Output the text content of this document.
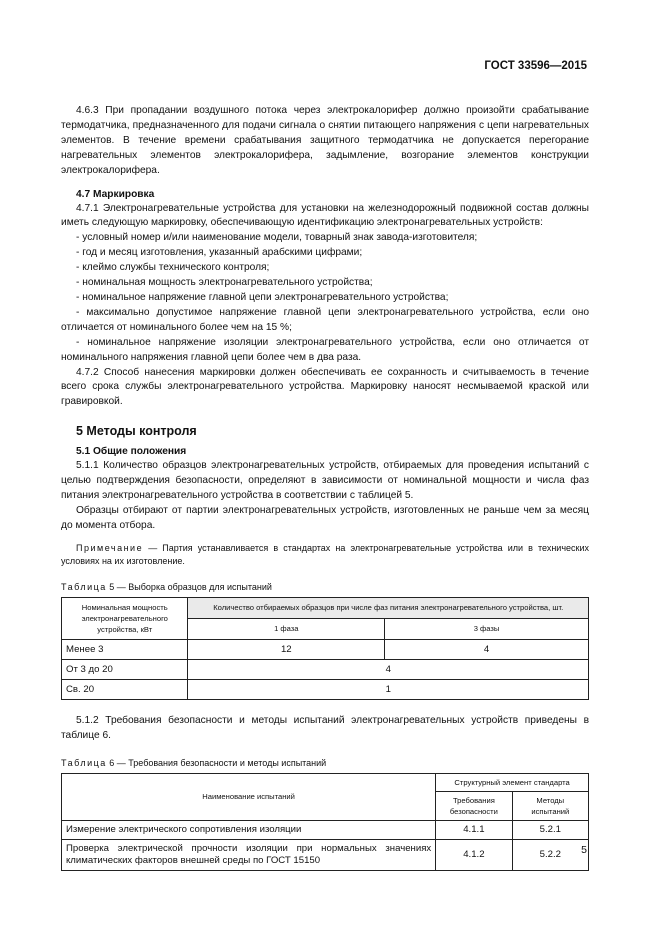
ГОСТ 33596—2015

4.6.3 При пропадании воздушного потока через электрокалорифер должно произойти срабатывание термодатчика, предназначенного для подачи сигнала о снятии питающего напряжения с цепи нагревательных элементов. В течение времени срабатывания защитного термодатчика не допускается перегорание нагревательных элементов электрокалорифера, задымление, возгорание элементов конструкции электрокалорифера.

4.7 Маркировка

4.7.1 Электронагревательные устройства для установки на железнодорожный подвижной состав должны иметь следующую маркировку, обеспечивающую идентификацию электронагревательных устройств:

- условный номер и/или наименование модели, товарный знак завода-изготовителя;

- год и месяц изготовления, указанный арабскими цифрами;

- клеймо службы технического контроля;

- номинальная мощность электронагревательного устройства;

- номинальное напряжение главной цепи электронагревательного устройства;

- максимально допустимое напряжение главной цепи электронагревательного устройства, если оно отличается от номинального более чем на 15 %;

- номинальное напряжение изоляции электронагревательного устройства, если оно отличается от номинального напряжения главной цепи более чем в два раза.

4.7.2 Способ нанесения маркировки должен обеспечивать ее сохранность и считываемость в течение всего срока службы электронагревательного устройства. Маркировку наносят несмываемой краской или гравировкой.

5 Методы контроля
5.1 Общие положения

5.1.1 Количество образцов электронагревательных устройств, отбираемых для проведения испытаний с целью подтверждения безопасности, определяют в зависимости от номинальной мощности и числа фаз питания электронагревательного устройства в соответствии с таблицей 5.

Образцы отбирают от партии электронагревательных устройств, изготовленных не раньше чем за месяц до момента отбора.

Примечание — Партия устанавливается в стандартах на электронагревательные устройства или в технических условиях на их изготовление.

Таблица 5 — Выборка образцов для испытаний
Номинальная мощность электронагревательного устройства, кВт	Количество отбираемых образцов при числе фаз питания электронагревательного устройства, шт.	
	1 фаза	3 фазы
Менее 3	12	4
От 3 до 20	4	
Св. 20	1	

5.1.2 Требования безопасности и методы испытаний электронагревательных устройств приведены в таблице 6.

Таблица 6 — Требования безопасности и методы испытаний
Наименование испытаний	Структурный элемент стандарта	
	Требования безопасности	Методы испытаний
Измерение электрического сопротивления изоляции	4.1.1	5.2.1
Проверка электрической прочности изоляции при нормальных значениях климатических факторов внешней среды по ГОСТ 15150	4.1.2	5.2.2 5
